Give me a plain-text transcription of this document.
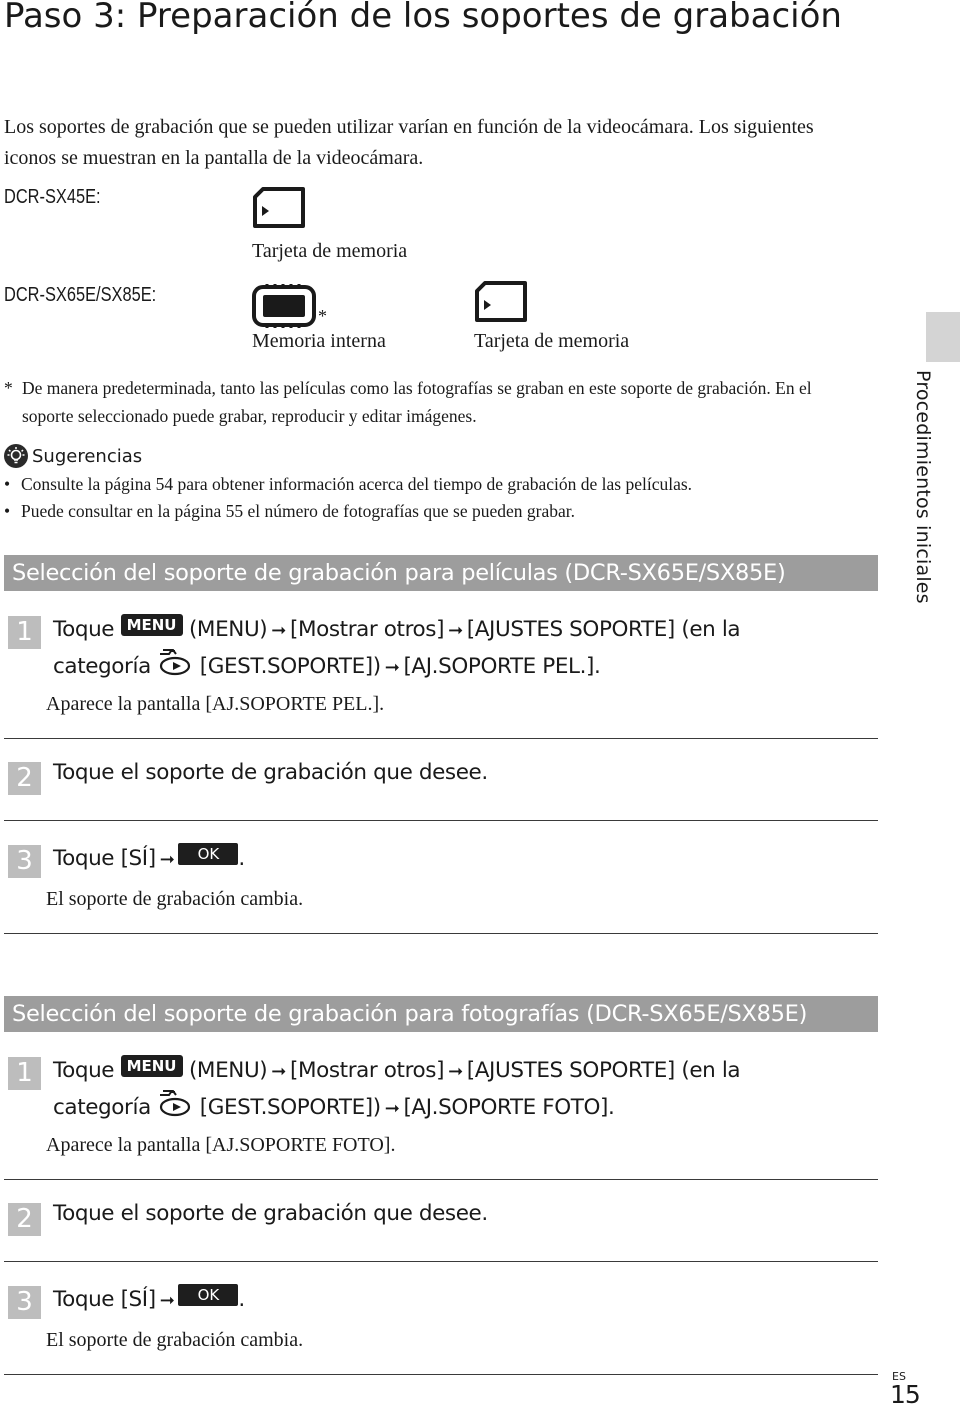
Paso 3: Preparación de los soportes de grabación
Los soportes de grabación que se pueden utilizar varían en función de la videocámara. Los siguientes iconos se muestran en la pantalla de la videocámara.
DCR-SX45E:
Tarjeta de memoria
DCR-SX65E/SX85E:
*
Memoria interna	Tarjeta de memoria
* De manera predeterminada, tanto las películas como las fotografías se graban en este soporte de grabación. En el soporte seleccionado puede grabar, reproducir y editar imágenes.
Sugerencias
• Consulte la página 54 para obtener información acerca del tiempo de grabación de las películas.
• Puede consultar en la página 55 el número de fotografías que se pueden grabar.
Selección del soporte de grabación para películas (DCR-SX65E/SX85E)
1 Toque MENU (MENU) ➞ [Mostrar otros] ➞ [AJUSTES SOPORTE] (en la
categoría [GEST.SOPORTE]) ➞ [AJ.SOPORTE PEL.].
Aparece la pantalla [AJ.SOPORTE PEL.].
2 Toque el soporte de grabación que desee.
3 Toque [SÍ] ➞ OK .
El soporte de grabación cambia.
Selección del soporte de grabación para fotografías (DCR-SX65E/SX85E)
1 Toque MENU (MENU) ➞ [Mostrar otros] ➞ [AJUSTES SOPORTE] (en la
categoría [GEST.SOPORTE]) ➞ [AJ.SOPORTE FOTO].
Aparece la pantalla [AJ.SOPORTE FOTO].
2 Toque el soporte de grabación que desee.
3 Toque [SÍ] ➞ OK .
El soporte de grabación cambia.
Procedimientos iniciales
ES
15
